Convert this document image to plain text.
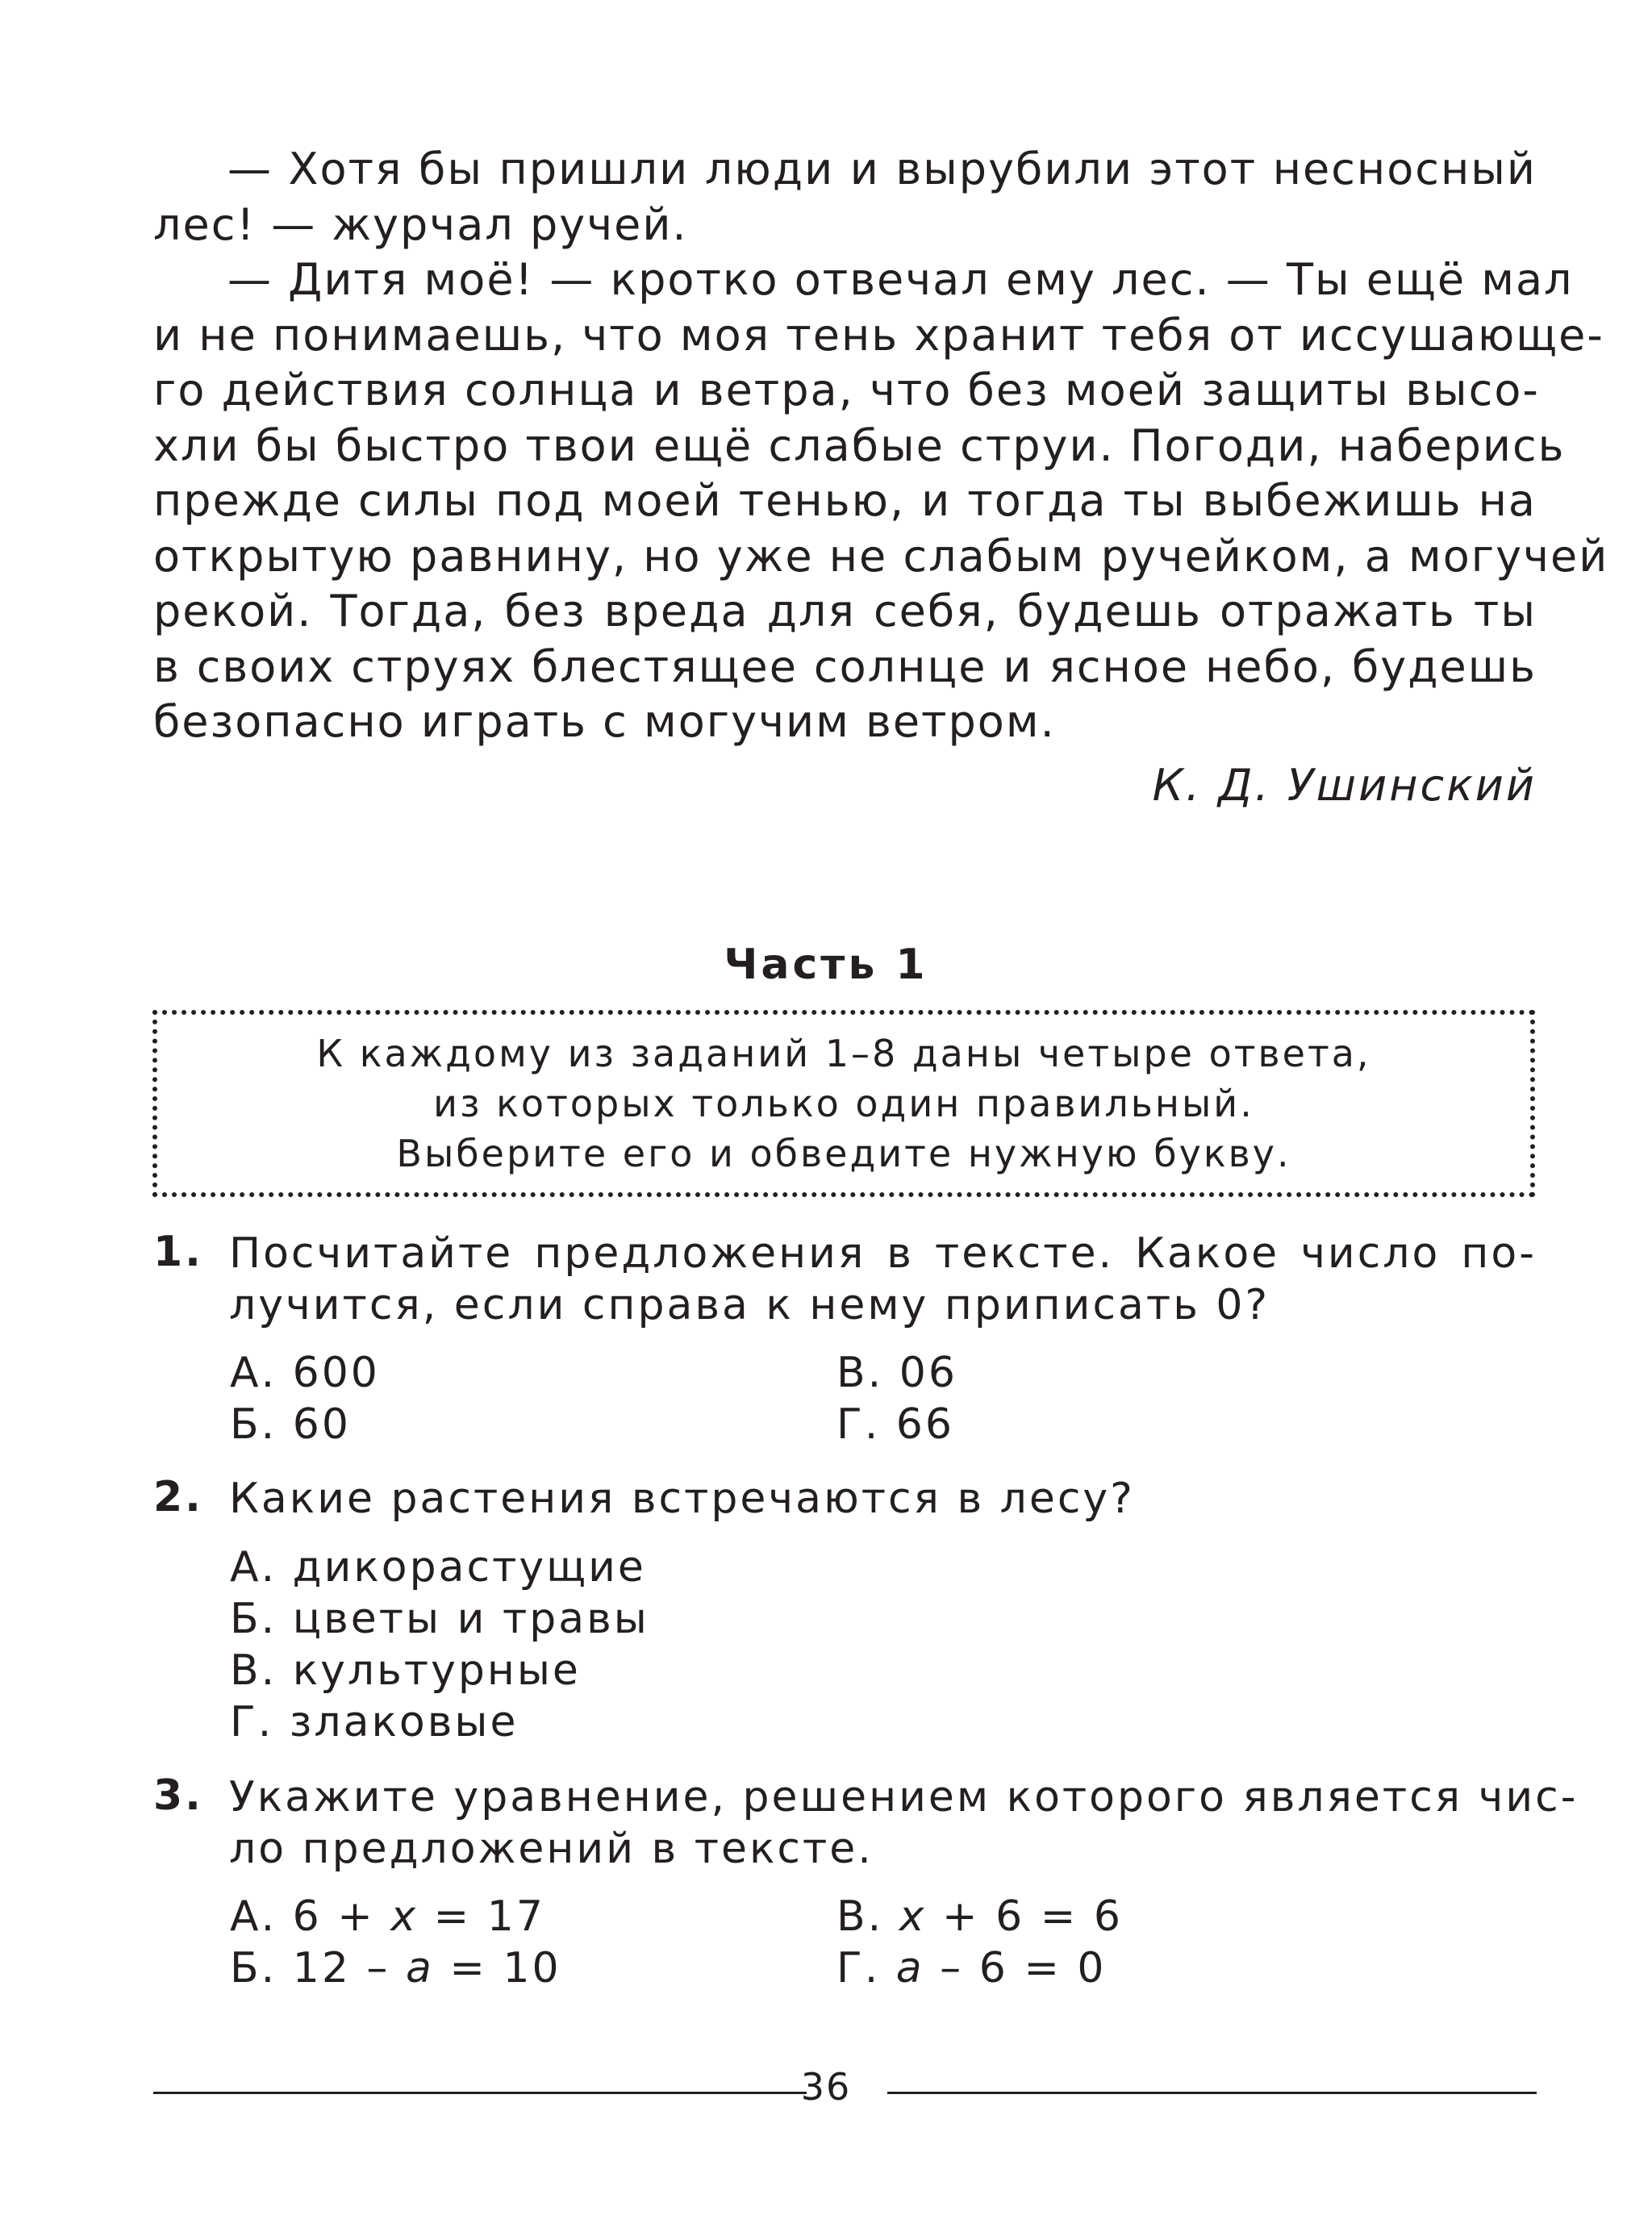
— Хотя бы пришли люди и вырубили этот несносный
лес! — журчал ручей.
— Дитя моё! — кротко отвечал ему лес. — Ты ещё мал
и не понимаешь, что моя тень хранит тебя от иссушающе-
го действия солнца и ветра, что без моей защиты высо-
хли бы быстро твои ещё слабые струи. Погоди, наберись
прежде силы под моей тенью, и тогда ты выбежишь на
открытую равнину, но уже не слабым ручейком, а могучей
рекой. Тогда, без вреда для себя, будешь отражать ты
в своих струях блестящее солнце и ясное небо, будешь
безопасно играть с могучим ветром.
К. Д. Ушинский
Часть 1
К каждому из заданий 1–8 даны четыре ответа,
из которых только один правильный.
Выберите его и обведите нужную букву.
1. Посчитайте предложения в тексте. Какое число по-
лучится, если справа к нему приписать 0?
А. 600	В. 06
Б. 60	Г. 66
2. Какие растения встречаются в лесу?
А. дикорастущие
Б. цветы и травы
В. культурные
Г. злаковые
3. Укажите уравнение, решением которого является чис-
ло предложений в тексте.
А. 6 + x = 17	В. x + 6 = 6
Б. 12 – а = 10	Г. а – 6 = 0
36
